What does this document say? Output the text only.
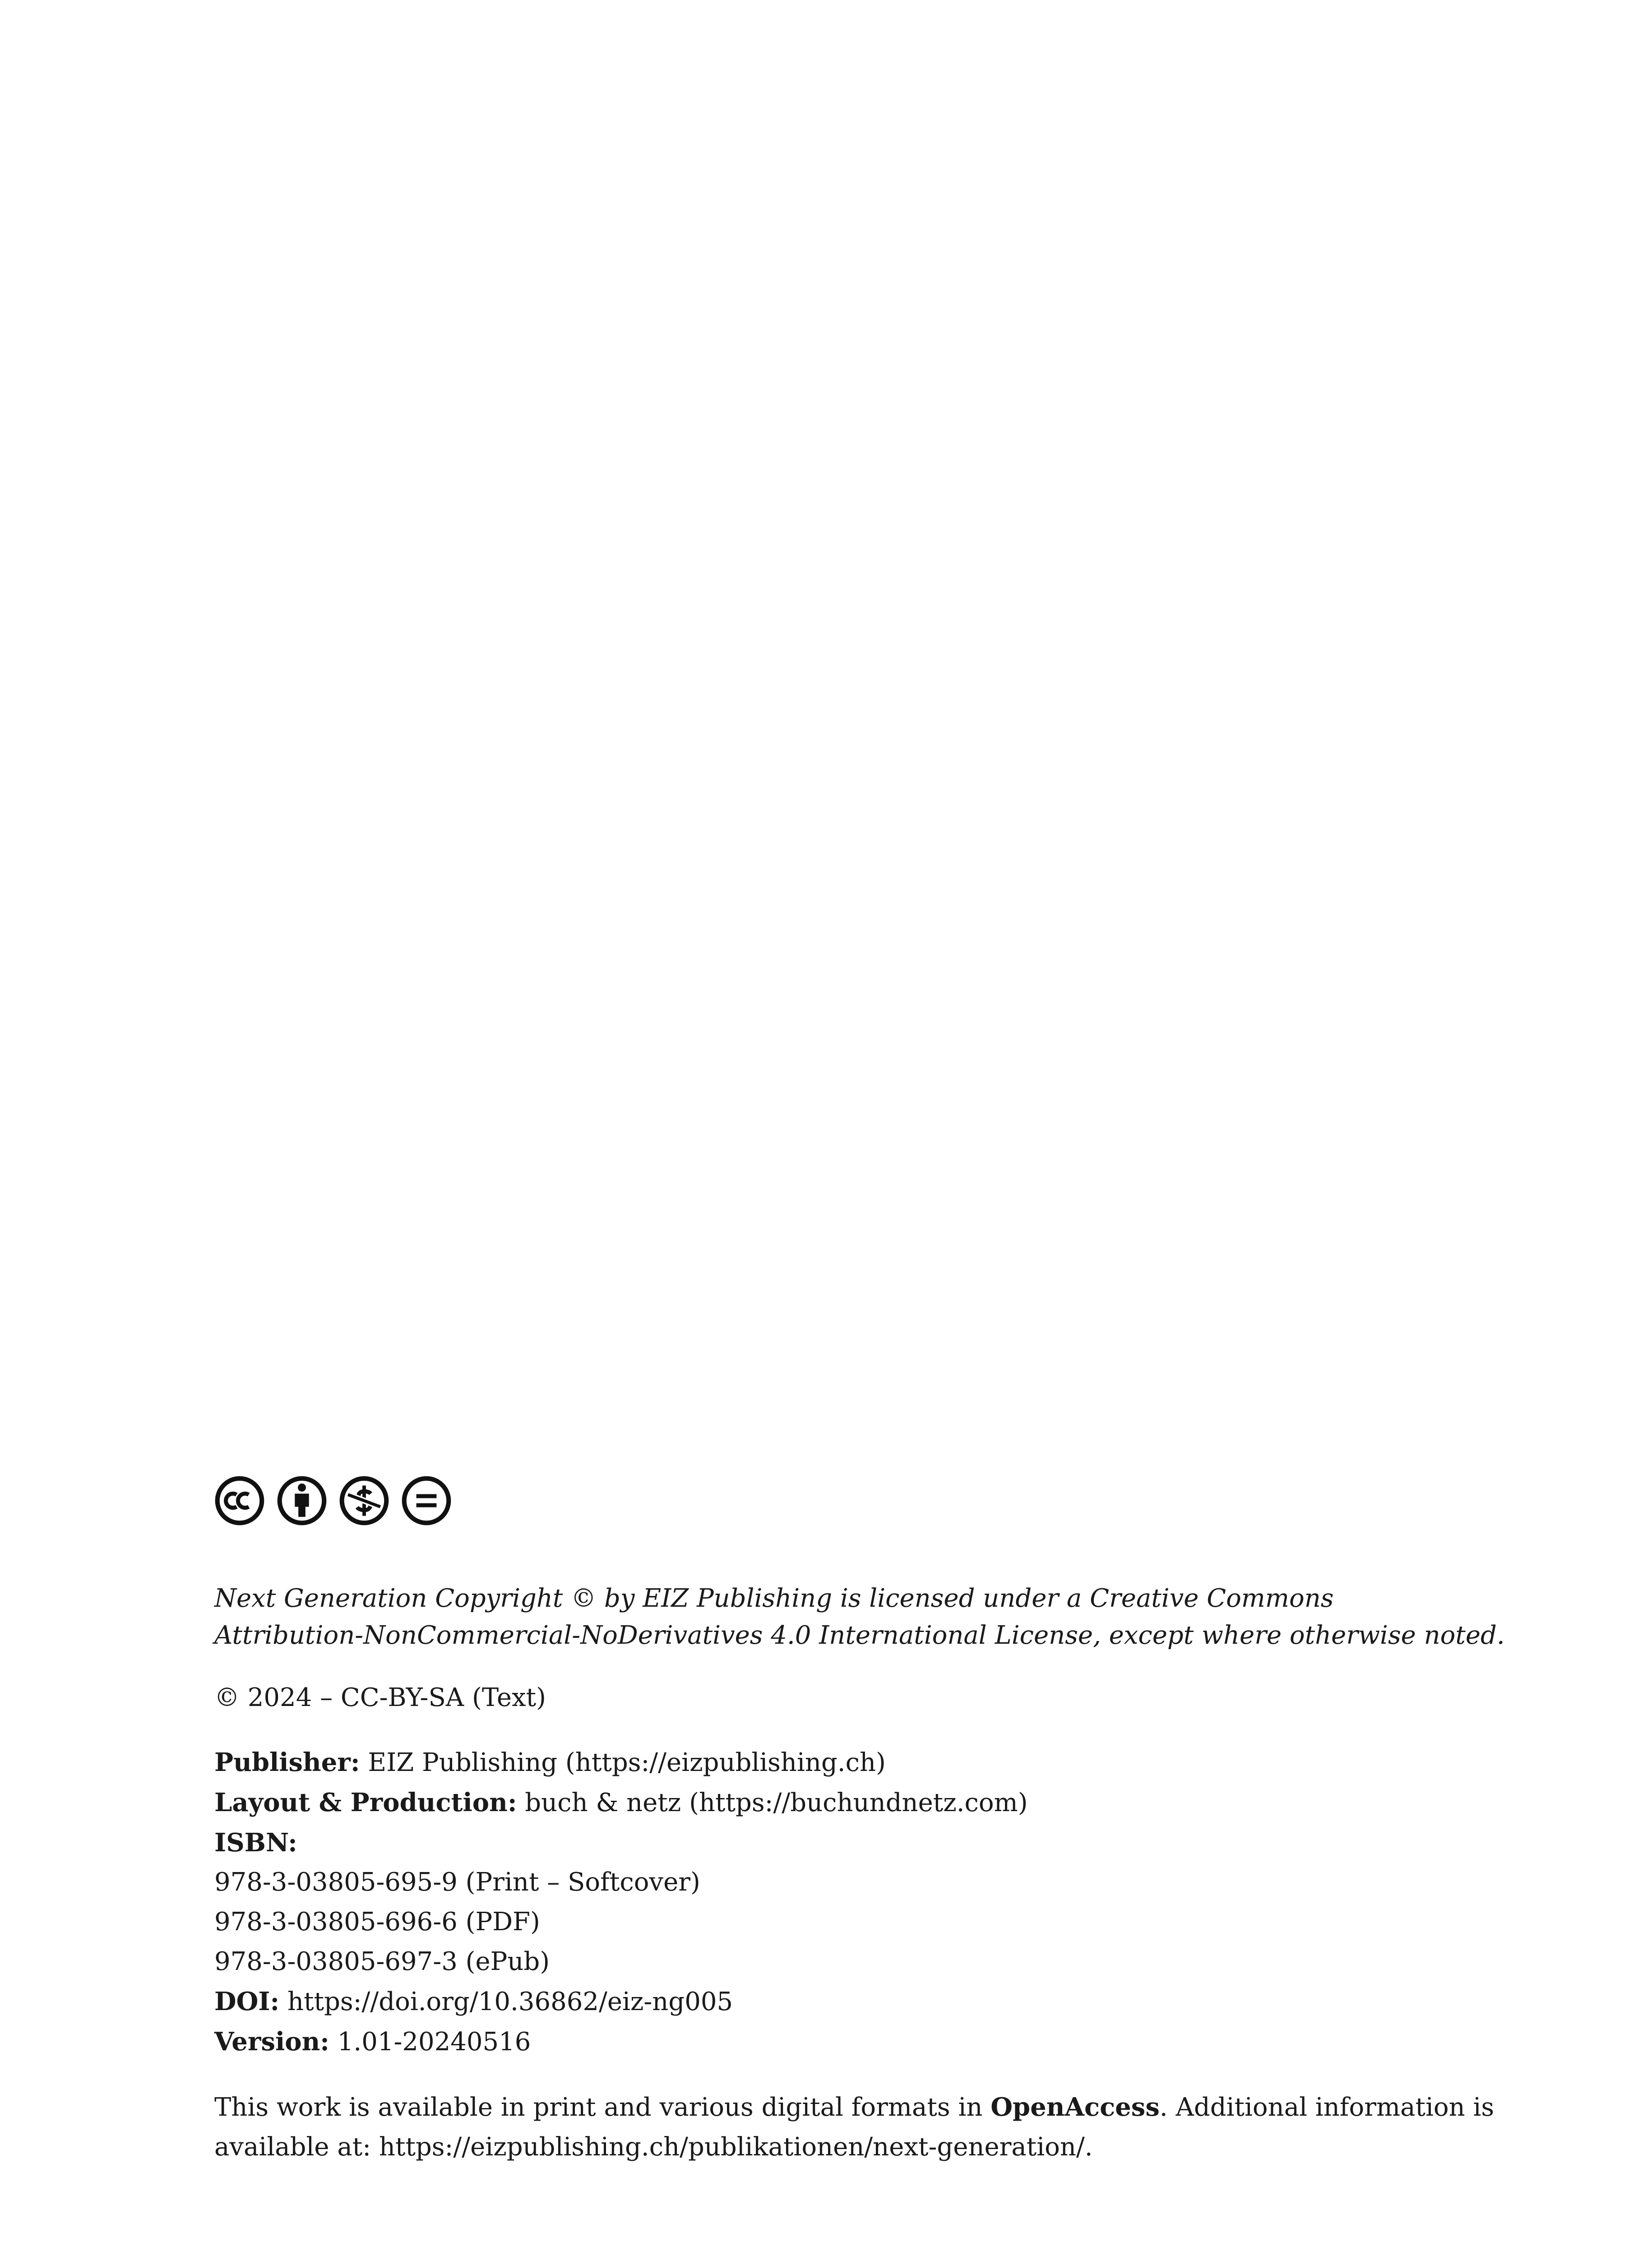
Next Generation Copyright © by EIZ Publishing is licensed under a Creative Commons
Attribution-NonCommercial-NoDerivatives 4.0 International License, except where otherwise noted.

© 2024 – CC-BY-SA (Text)

Publisher: EIZ Publishing (https://eizpublishing.ch)
Layout & Production: buch & netz (https://buchundnetz.com)
ISBN:
978-3-03805-695-9 (Print – Softcover)
978-3-03805-696-6 (PDF)
978-3-03805-697-3 (ePub)
DOI: https://doi.org/10.36862/eiz-ng005
Version: 1.01-20240516

This work is available in print and various digital formats in OpenAccess. Additional information is
available at: https://eizpublishing.ch/publikationen/next-generation/.
